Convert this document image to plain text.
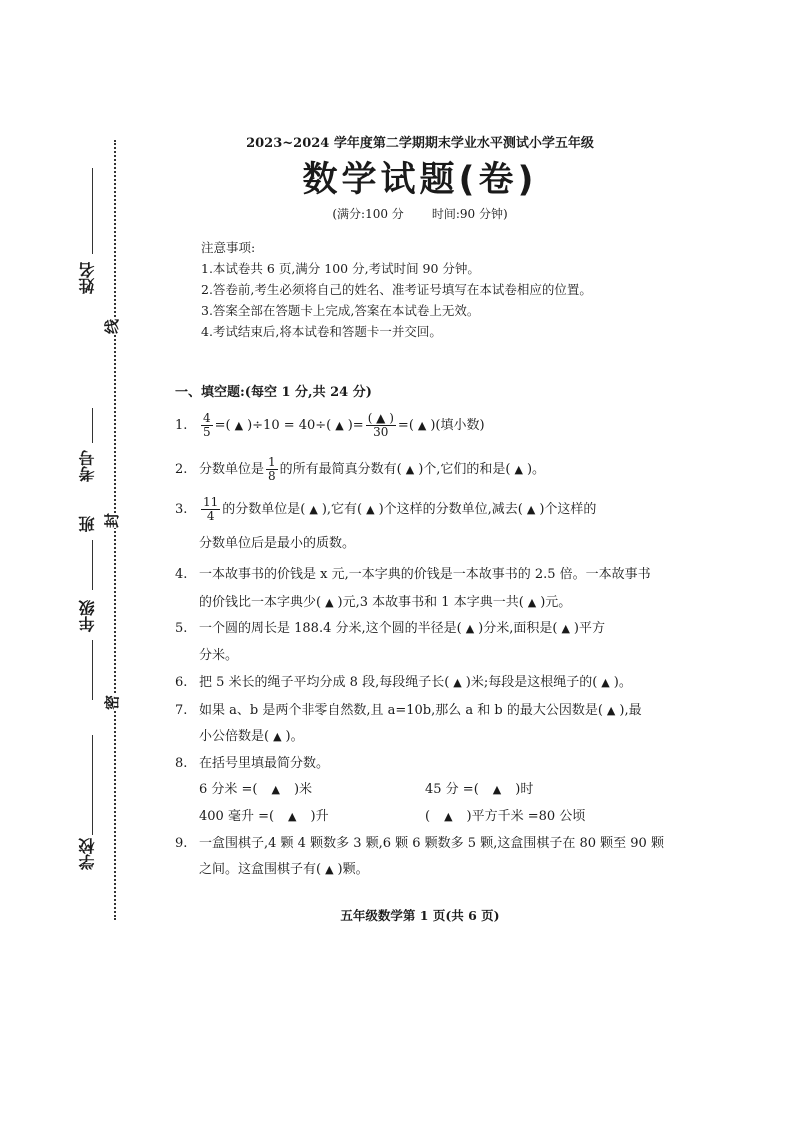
姓名
考号
班
年级
学校
线
封
密
2023~2024 学年度第二学期期末学业水平测试小学五年级
数学试题(卷)
(满分:100 分 时间:90 分钟)
注意事项:
1.本试卷共 6 页,满分 100 分,考试时间 90 分钟。
2.答卷前,考生必须将自己的姓名、准考证号填写在本试卷相应的位置。
3.答案全部在答题卡上完成,答案在本试卷上无效。
4.考试结束后,将本试卷和答题卡一并交回。
一、填空题:(每空 1 分,共 24 分)
1. $\frac{4}{5}$ =( ▲ )÷10 = 40÷( ▲ )= $\frac{( ▲ )}{30}$ =( ▲ )(填小数)
2. 分数单位是 $\frac{1}{8}$ 的所有最简真分数有( ▲ )个,它们的和是( ▲ )。
3. $\frac{11}{4}$ 的分数单位是( ▲ ),它有( ▲ )个这样的分数单位,减去( ▲ )个这样的
分数单位后是最小的质数。
4. 一本故事书的价钱是 x 元,一本字典的价钱是一本故事书的 2.5 倍。一本故事书
的价钱比一本字典少( ▲ )元,3 本故事书和 1 本字典一共( ▲ )元。
5. 一个圆的周长是 188.4 分米,这个圆的半径是( ▲ )分米,面积是( ▲ )平方
分米。
6. 把 5 米长的绳子平均分成 8 段,每段绳子长( ▲ )米;每段是这根绳子的( ▲ )。
7. 如果 a、b 是两个非零自然数,且 a=10b,那么 a 和 b 的最大公因数是( ▲ ),最
小公倍数是( ▲ )。
8. 在括号里填最简分数。
6 分米 =( ▲ )米	45 分 =( ▲ )时
400 毫升 =( ▲ )升	( ▲ )平方千米 =80 公顷
9. 一盒围棋子,4 颗 4 颗数多 3 颗,6 颗 6 颗数多 5 颗,这盒围棋子在 80 颗至 90 颗
之间。这盒围棋子有( ▲ )颗。
五年级数学第 1 页(共 6 页)
